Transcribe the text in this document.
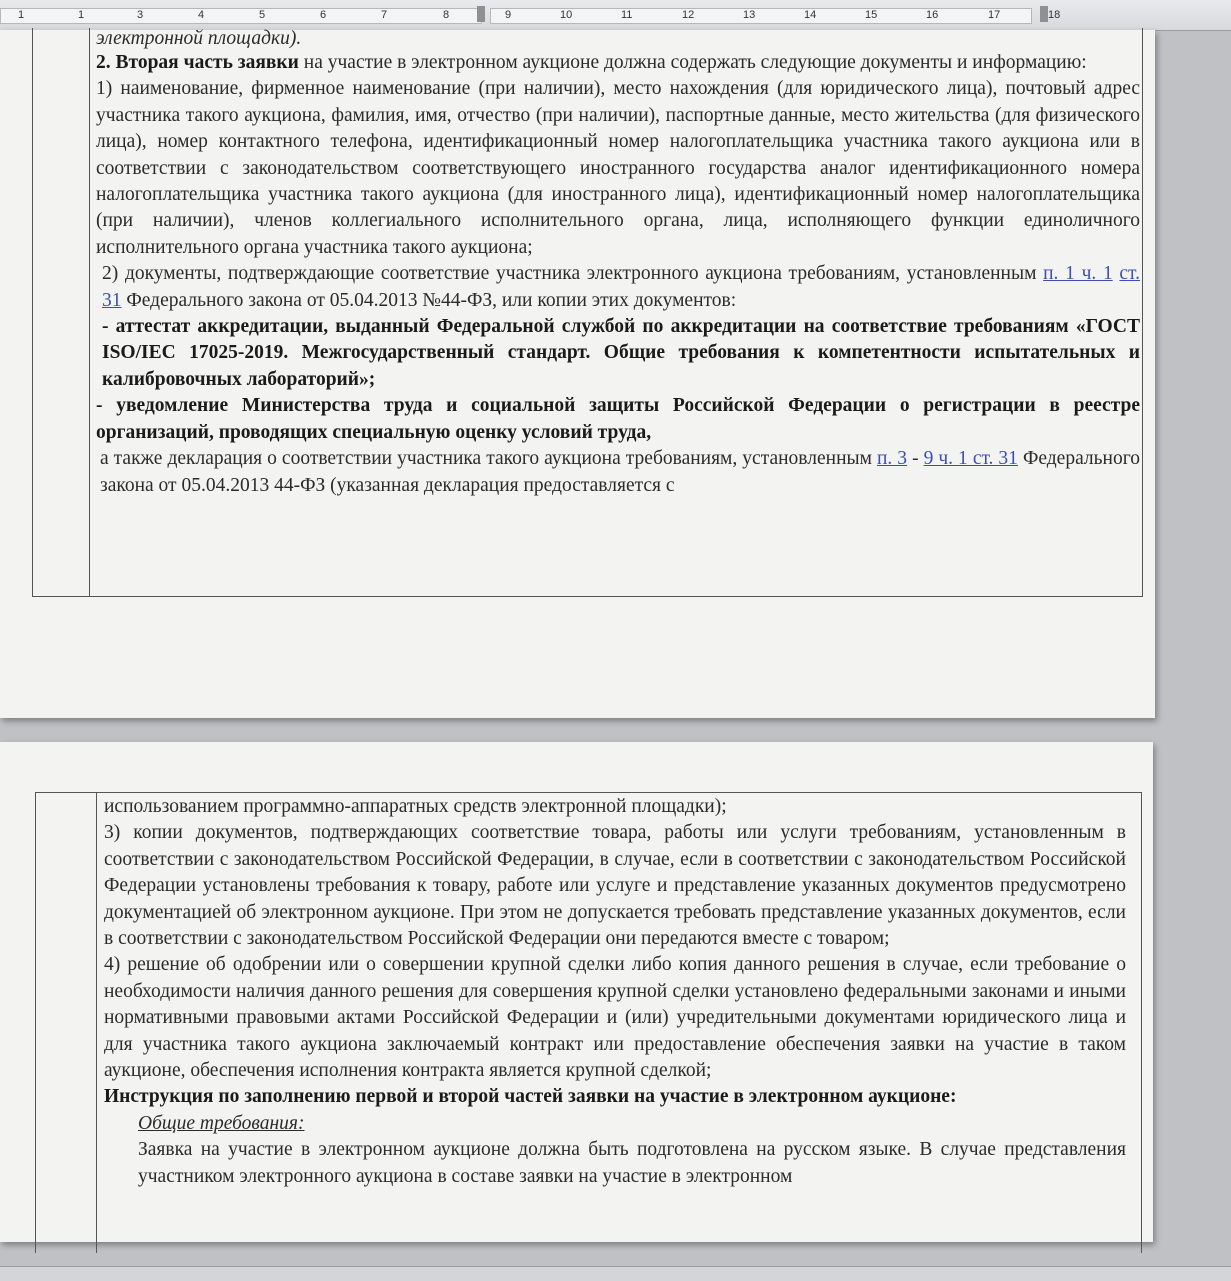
1	1	3	4	5	6	7	8	9	10	11	12	13	14	15	16	17	18

электронной площадки).

2. Вторая часть заявки на участие в электронном аукционе должна содержать следующие документы и информацию:

1) наименование, фирменное наименование (при наличии), место нахождения (для юридического лица), почтовый адрес участника такого аукциона, фамилия, имя, отчество (при наличии), паспортные данные, место жительства (для физического лица), номер контактного телефона, идентификационный номер налогоплательщика участника такого аукциона или в соответствии с законодательством соответствующего иностранного государства аналог идентификационного номера налогоплательщика участника такого аукциона (для иностранного лица), идентификационный номер налогоплательщика (при наличии), членов коллегиального исполнительного органа, лица, исполняющего функции единоличного исполнительного органа участника такого аукциона;

2) документы, подтверждающие соответствие участника электронного аукциона требованиям, установленным п. 1 ч. 1 ст. 31 Федерального закона от 05.04.2013 №44-ФЗ, или копии этих документов:

- аттестат аккредитации, выданный Федеральной службой по аккредитации на соответствие требованиям «ГОСТ ISO/IEC 17025-2019. Межгосударственный стандарт. Общие требования к компетентности испытательных и калибровочных лабораторий»;

- уведомление Министерства труда и социальной защиты Российской Федерации о регистрации в реестре организаций, проводящих специальную оценку условий труда,

а также декларация о соответствии участника такого аукциона требованиям, установленным п. 3 - 9 ч. 1 ст. 31 Федерального закона от 05.04.2013 44-ФЗ (указанная декларация предоставляется с

использованием программно-аппаратных средств электронной площадки);

3) копии документов, подтверждающих соответствие товара, работы или услуги требованиям, установленным в соответствии с законодательством Российской Федерации, в случае, если в соответствии с законодательством Российской Федерации установлены требования к товару, работе или услуге и представление указанных документов предусмотрено документацией об электронном аукционе. При этом не допускается требовать представление указанных документов, если в соответствии с законодательством Российской Федерации они передаются вместе с товаром;

4) решение об одобрении или о совершении крупной сделки либо копия данного решения в случае, если требование о необходимости наличия данного решения для совершения крупной сделки установлено федеральными законами и иными нормативными правовыми актами Российской Федерации и (или) учредительными документами юридического лица и для участника такого аукциона заключаемый контракт или предоставление обеспечения заявки на участие в таком аукционе, обеспечения исполнения контракта является крупной сделкой;

Инструкция по заполнению первой и второй частей заявки на участие в электронном аукционе:

Общие требования:

Заявка на участие в электронном аукционе должна быть подготовлена на русском языке. В случае представления участником электронного аукциона в составе заявки на участие в электронном
